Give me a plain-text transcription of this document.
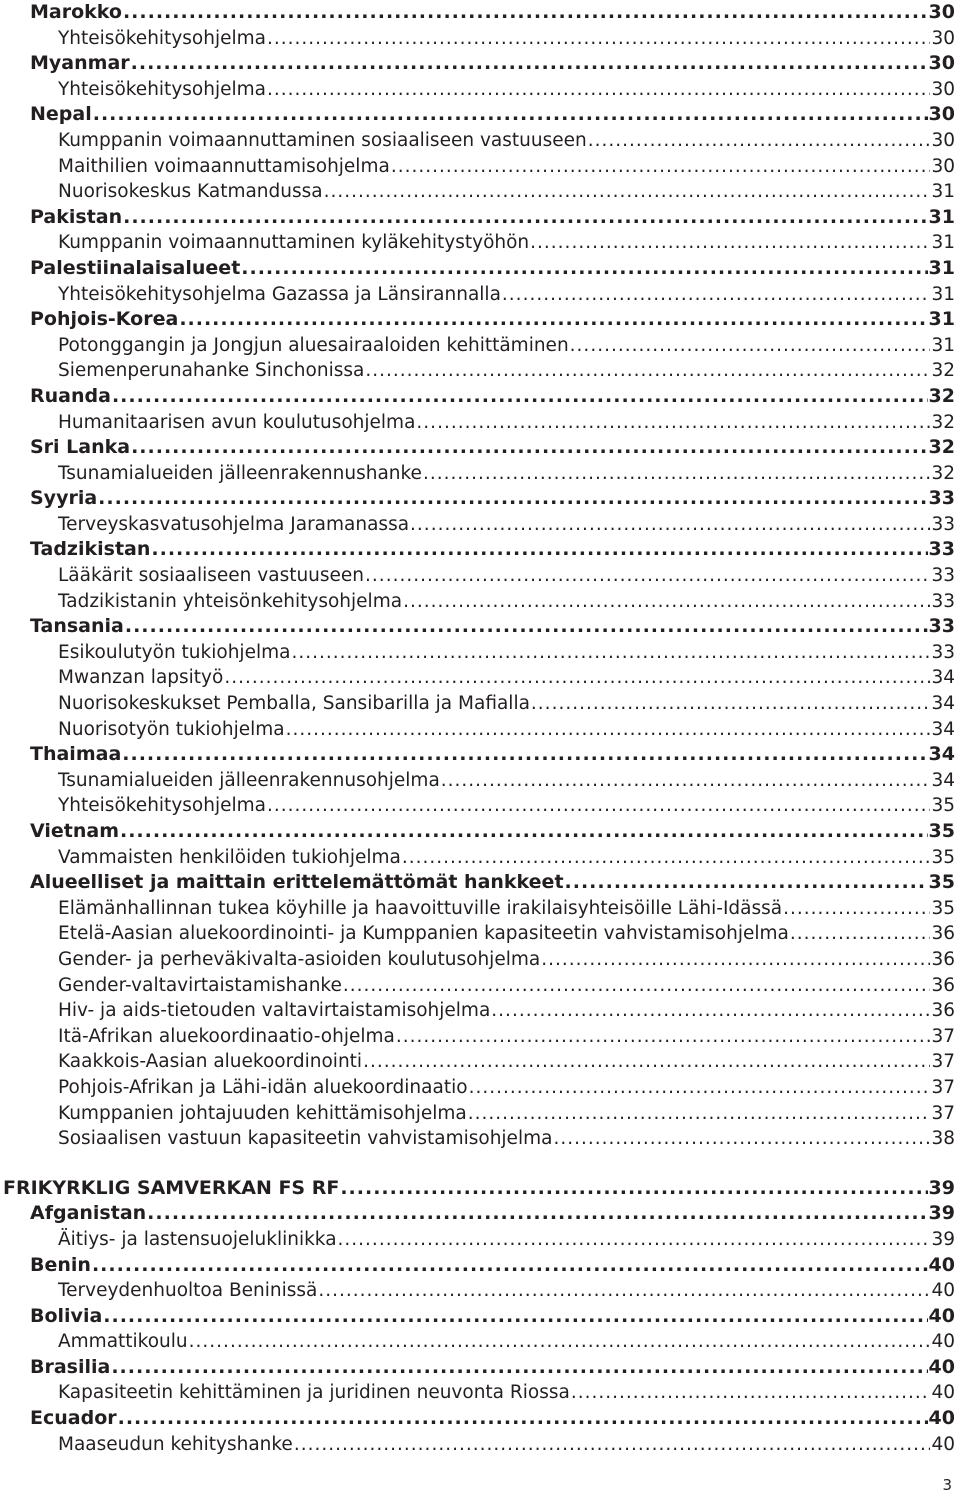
Marokko .....	30
Yhteisökehitysohjelma .....	30
Myanmar .....	30
Yhteisökehitysohjelma .....	30
Nepal .....	30
Kumppanin voimaannuttaminen sosiaaliseen vastuuseen .....	30
Maithilien voimaannuttamisohjelma .....	30
Nuorisokeskus Katmandussa .....	31
Pakistan .....	31
Kumppanin voimaannuttaminen kyläkehitystyöhön .....	31
Palestiinalaisalueet .....	31
Yhteisökehitysohjelma Gazassa ja Länsirannalla .....	31
Pohjois-Korea .....	31
Potonggangin ja Jongjun aluesairaaloiden kehittäminen .....	31
Siemenperunahanke Sinchonissa .....	32
Ruanda .....	32
Humanitaarisen avun koulutusohjelma .....	32
Sri Lanka .....	32
Tsunamialueiden jälleenrakennushanke .....	32
Syyria .....	33
Terveyskasvatusohjelma Jaramanassa .....	33
Tadzikistan .....	33
Lääkärit sosiaaliseen vastuuseen .....	33
Tadzikistanin yhteisönkehitysohjelma .....	33
Tansania .....	33
Esikoulutyön tukiohjelma .....	33
Mwanzan lapsityö .....	34
Nuorisokeskukset Pemballa, Sansibarilla ja Mafialla .....	34
Nuorisotyön tukiohjelma .....	34
Thaimaa .....	34
Tsunamialueiden jälleenrakennusohjelma .....	34
Yhteisökehitysohjelma .....	35
Vietnam .....	35
Vammaisten henkilöiden tukiohjelma .....	35
Alueelliset ja maittain erittelemättömät hankkeet .....	35
Elämänhallinnan tukea köyhille ja haavoittuville irakilaisyhteisöille Lähi-Idässä .....	35
Etelä-Aasian aluekoordinointi- ja Kumppanien kapasiteetin vahvistamisohjelma .....	36
Gender- ja perheväkivalta-asioiden koulutusohjelma .....	36
Gender-valtavirtaistamishanke .....	36
Hiv- ja aids-tietouden valtavirtaistamisohjelma .....	36
Itä-Afrikan aluekoordinaatio-ohjelma .....	37
Kaakkois-Aasian aluekoordinointi .....	37
Pohjois-Afrikan ja Lähi-idän aluekoordinaatio .....	37
Kumppanien johtajuuden kehittämisohjelma .....	37
Sosiaalisen vastuun kapasiteetin vahvistamisohjelma .....	38
FRIKYRKLIG SAMVERKAN FS RF .....	39
Afganistan .....	39
Äitiys- ja lastensuojeluklinikka .....	39
Benin .....	40
Terveydenhuoltoa Beninissä .....	40
Bolivia .....	40
Ammattikoulu .....	40
Brasilia .....	40
Kapasiteetin kehittäminen ja juridinen neuvonta Riossa .....	40
Ecuador .....	40
Maaseudun kehityshanke .....	40
3
